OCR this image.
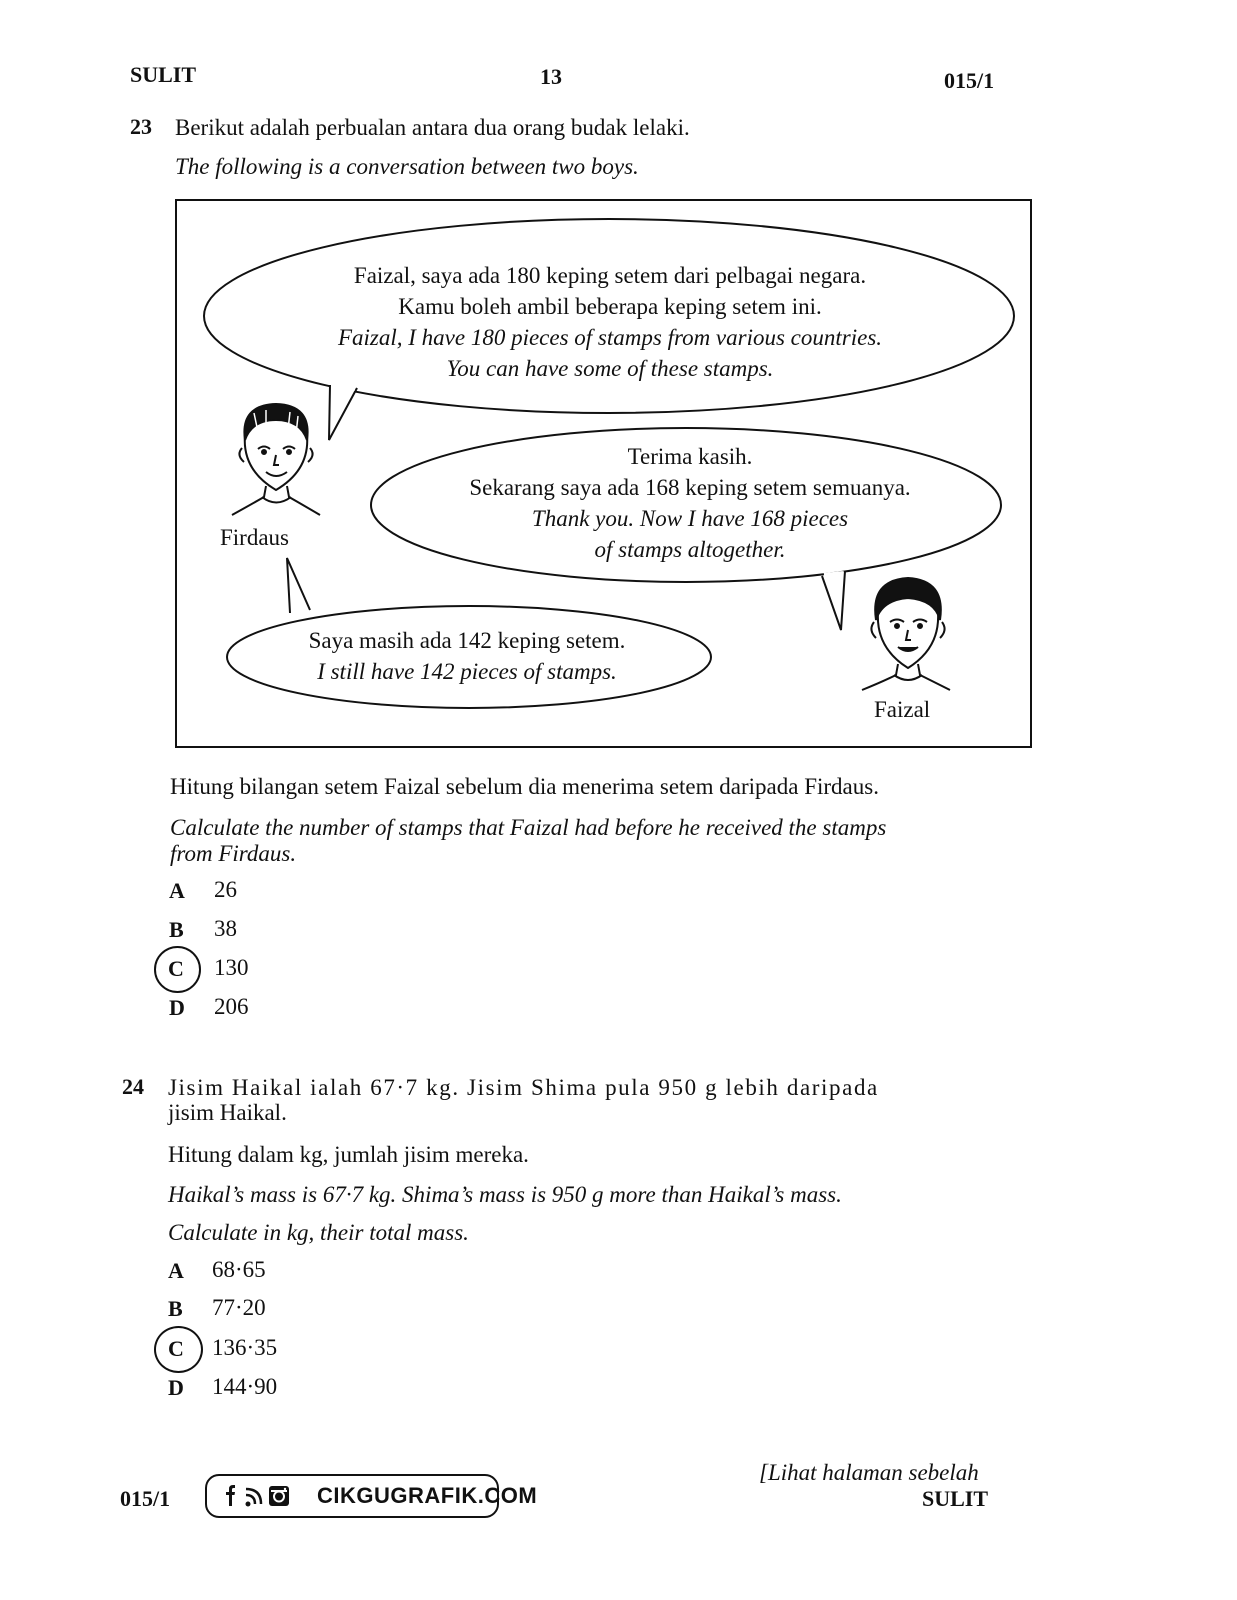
SULIT	13	015/1
23 Berikut adalah perbualan antara dua orang budak lelaki.
The following is a conversation between two boys.
Faizal, saya ada 180 keping setem dari pelbagai negara.
Kamu boleh ambil beberapa keping setem ini.
Faizal, I have 180 pieces of stamps from various countries.
You can have some of these stamps.
Terima kasih.
Sekarang saya ada 168 keping setem semuanya.
Thank you. Now I have 168 pieces
of stamps altogether.
Saya masih ada 142 keping setem.
I still have 142 pieces of stamps.
Firdaus
Faizal
Hitung bilangan setem Faizal sebelum dia menerima setem daripada Firdaus.
Calculate the number of stamps that Faizal had before he received the stamps
from Firdaus.
A 26
B 38
C 130
D 206
24 Jisim Haikal ialah 67·7 kg. Jisim Shima pula 950 g lebih daripada
jisim Haikal.
Hitung dalam kg, jumlah jisim mereka.
Haikal’s mass is 67·7 kg. Shima’s mass is 950 g more than Haikal’s mass.
Calculate in kg, their total mass.
A 68·65
B 77·20
C 136·35
D 144·90
015/1	CIKGUGRAFIK.COM
[Lihat halaman sebelah
SULIT
